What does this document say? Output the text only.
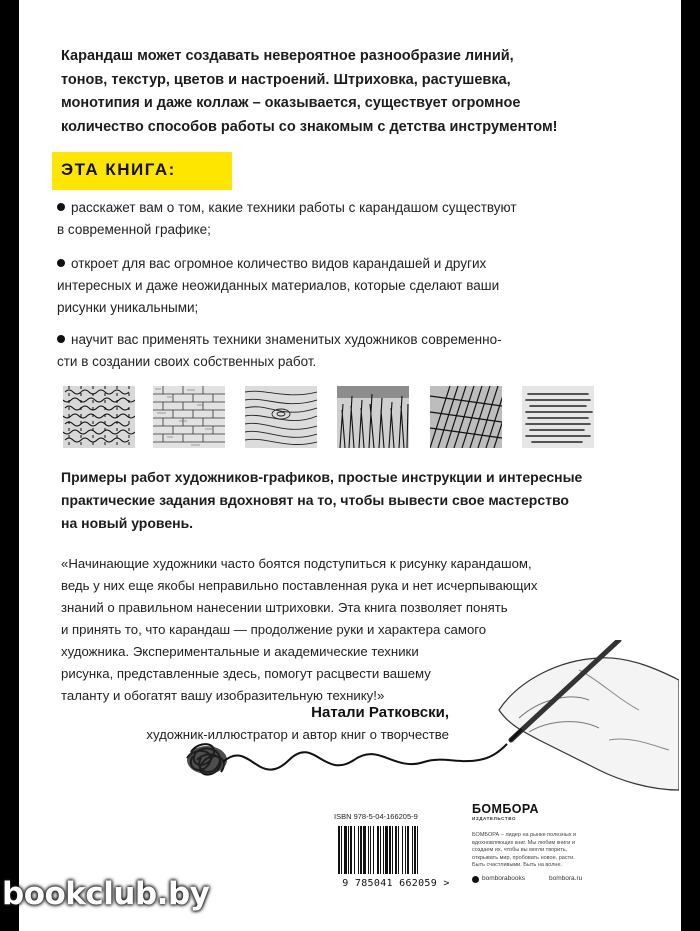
Карандаш может создавать невероятное разнообразие линий,
тонов, текстур, цветов и настроений. Штриховка, растушевка,
монотипия и даже коллаж – оказывается, существует огромное
количество способов работы со знакомым с детства инструментом!

ЭТА КНИГА:
расскажет вам о том, какие техники работы с карандашом существуют
в современной графике;
откроет для вас огромное количество видов карандашей и других
интересных и даже неожиданных материалов, которые сделают ваши
рисунки уникальными;
научит вас применять техники знаменитых художников современно-
сти в создании своих собственных работ.

Примеры работ художников-графиков, простые инструкции и интересные
практические задания вдохновят на то, чтобы вывести свое мастерство
на новый уровень.

«Начинающие художники часто боятся подступиться к рисунку карандашом,
ведь у них еще якобы неправильно поставленная рука и нет исчерпывающих
знаний о правильном нанесении штриховки. Эта книга позволяет понять
и принять то, что карандаш — продолжение руки и характера самого
художника. Экспериментальные и академические техники
рисунка, представленные здесь, помогут расцвести вашему
таланту и обогатят вашу изобразительную технику!»

Натали Ратковски,
художник-иллюстратор и автор книг о творчестве
ISBN 978-5-04-166205-9
9 785041 662059 >
БОМБОРА
ИЗДАТЕЛЬСТВО
БОМБОРА – лидер на рынке полезных и вдохновляющих книг. Мы любим книги и создаем их, чтобы вы могли творить, открывать мир, пробовать новое, расти. Быть счастливыми. Быть на волне.
bomborabooks	bombora.ru
bookclub.by
